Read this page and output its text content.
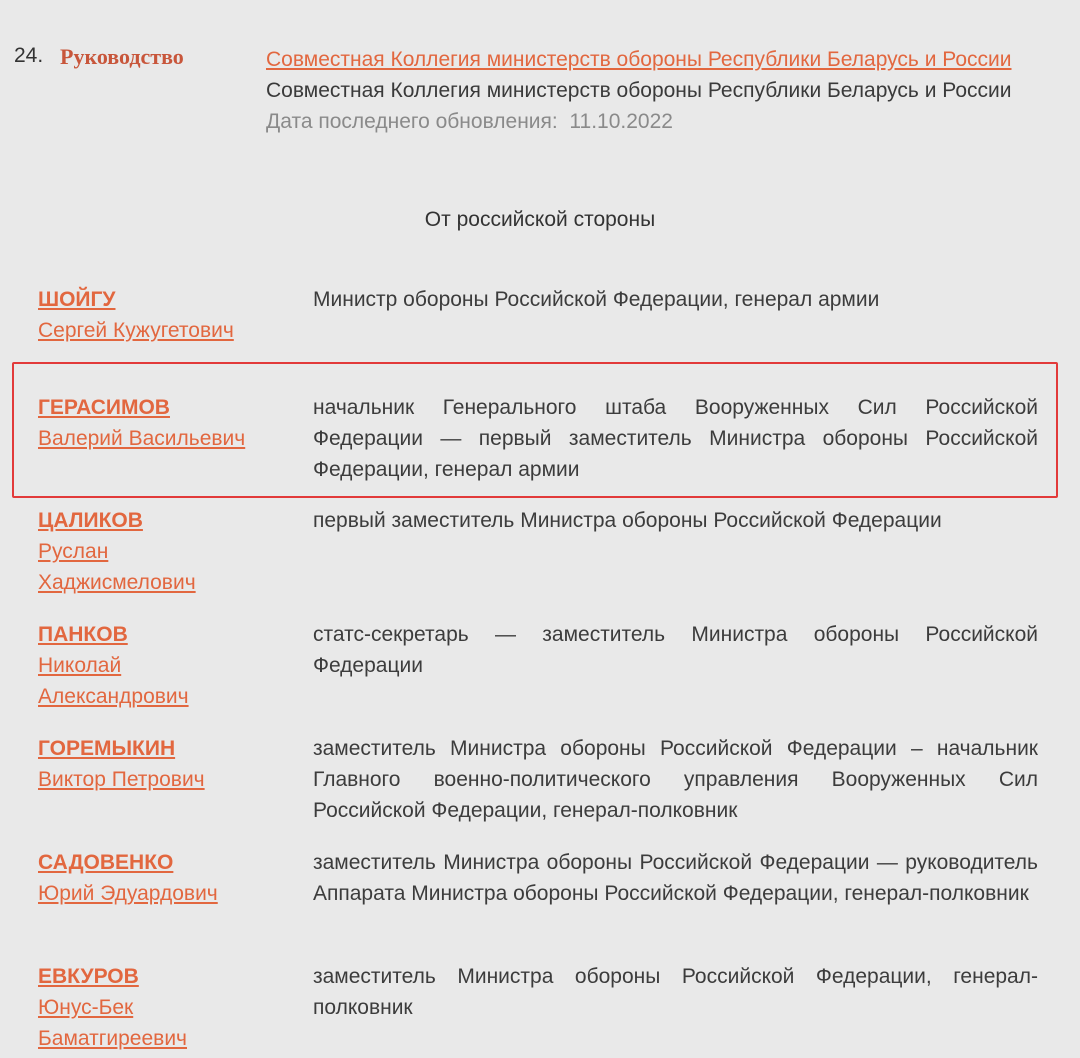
24. Руководство	Совместная Коллегия министерств обороны Республики Беларусь и России Совместная Коллегия министерств обороны Республики Беларусь и России
Дата последнего обновления: 11.10.2022
От российской стороны
ШОЙГУ
Сергей Кужугетович
Министр обороны Российской Федерации, генерал армии
ГЕРАСИМОВ
Валерий Васильевич
начальник Генерального штаба Вооруженных Сил Российской Федерации — первый заместитель Министра обороны Российской Федерации, генерал армии
ЦАЛИКОВ
Руслан Хаджисмелович
первый заместитель Министра обороны Российской Федерации
ПАНКОВ
Николай Александрович
статс-секретарь — заместитель Министра обороны Российской Федерации
ГОРЕМЫКИН
Виктор Петрович
заместитель Министра обороны Российской Федерации – начальник Главного военно-политического управления Вооруженных Сил Российской Федерации, генерал-полковник
САДОВЕНКО
Юрий Эдуардович
заместитель Министра обороны Российской Федерации — руководитель Аппарата Министра обороны Российской Федерации, генерал-полковник
ЕВКУРОВ
Юнус-Бек Баматгиреевич
заместитель Министра обороны Российской Федерации, генерал-полковник
